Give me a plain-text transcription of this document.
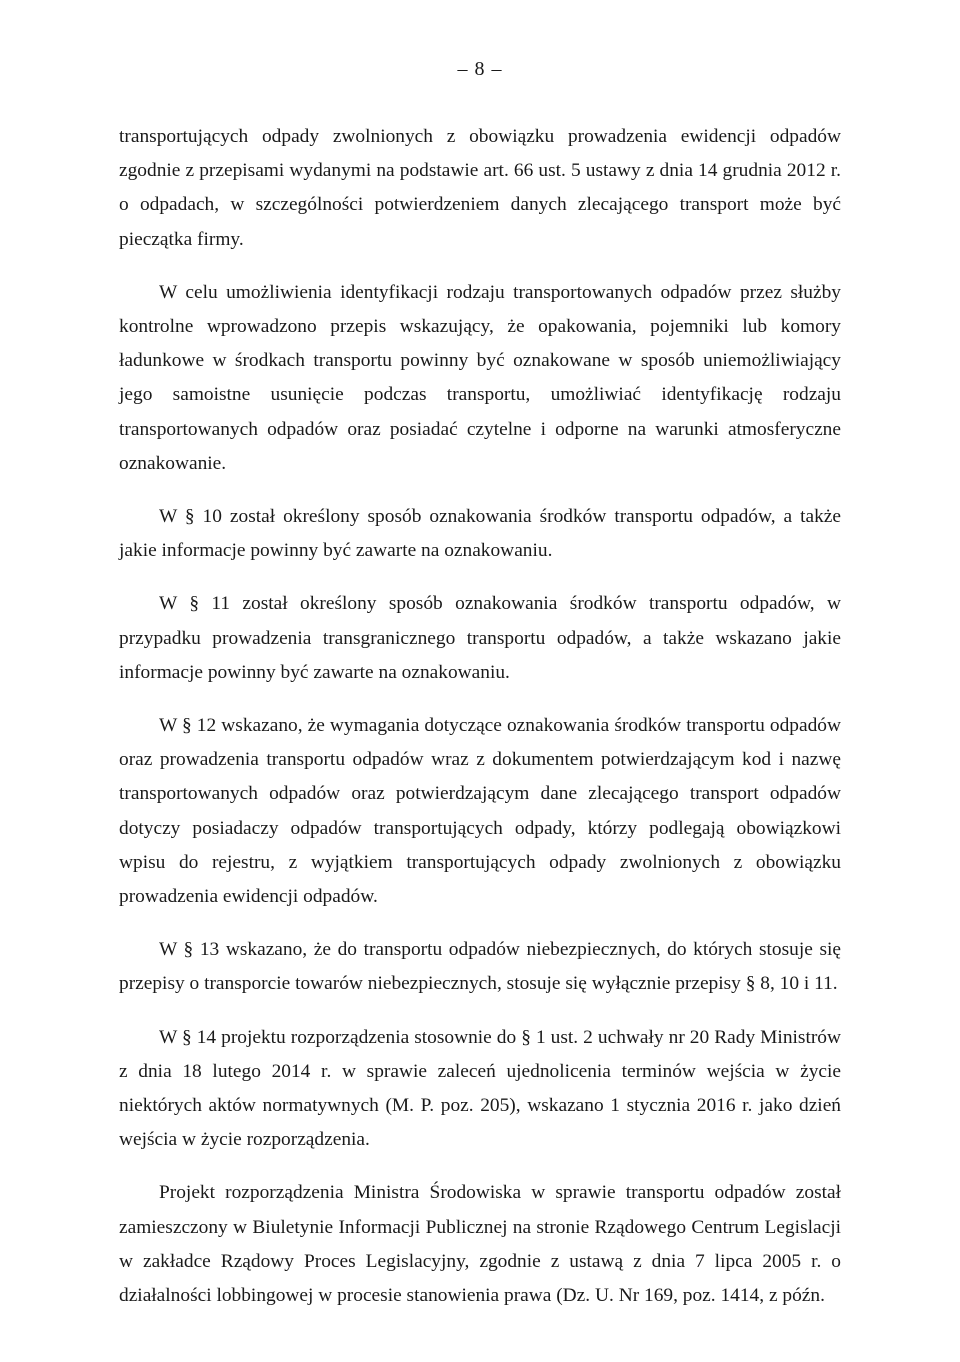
– 8 –

transportujących odpady zwolnionych z obowiązku prowadzenia ewidencji odpadów zgodnie z przepisami wydanymi na podstawie art. 66 ust. 5 ustawy z dnia 14 grudnia 2012 r. o odpadach, w szczególności potwierdzeniem danych zlecającego transport może być pieczątka firmy.

W celu umożliwienia identyfikacji rodzaju transportowanych odpadów przez służby kontrolne wprowadzono przepis wskazujący, że opakowania, pojemniki lub komory ładunkowe w środkach transportu powinny być oznakowane w sposób uniemożliwiający jego samoistne usunięcie podczas transportu, umożliwiać identyfikację rodzaju transportowanych odpadów oraz posiadać czytelne i odporne na warunki atmosferyczne oznakowanie.

W § 10 został określony sposób oznakowania środków transportu odpadów, a także jakie informacje powinny być zawarte na oznakowaniu.

W § 11 został określony sposób oznakowania środków transportu odpadów, w przypadku prowadzenia transgranicznego transportu odpadów, a także wskazano jakie informacje powinny być zawarte na oznakowaniu.

W § 12 wskazano, że wymagania dotyczące oznakowania środków transportu odpadów oraz prowadzenia transportu odpadów wraz z dokumentem potwierdzającym kod i nazwę transportowanych odpadów oraz potwierdzającym dane zlecającego transport odpadów dotyczy posiadaczy odpadów transportujących odpady, którzy podlegają obowiązkowi wpisu do rejestru, z wyjątkiem transportujących odpady zwolnionych z obowiązku prowadzenia ewidencji odpadów.

W § 13 wskazano, że do transportu odpadów niebezpiecznych, do których stosuje się przepisy o transporcie towarów niebezpiecznych, stosuje się wyłącznie przepisy § 8, 10 i 11.

W § 14 projektu rozporządzenia stosownie do § 1 ust. 2 uchwały nr 20 Rady Ministrów z dnia 18 lutego 2014 r. w sprawie zaleceń ujednolicenia terminów wejścia w życie niektórych aktów normatywnych (M. P. poz. 205), wskazano 1 stycznia 2016 r. jako dzień wejścia w życie rozporządzenia.

Projekt rozporządzenia Ministra Środowiska w sprawie transportu odpadów został zamieszczony w Biuletynie Informacji Publicznej na stronie Rządowego Centrum Legislacji w zakładce Rządowy Proces Legislacyjny, zgodnie z ustawą z dnia 7 lipca 2005 r. o działalności lobbingowej w procesie stanowienia prawa (Dz. U. Nr 169, poz. 1414, z późn.
